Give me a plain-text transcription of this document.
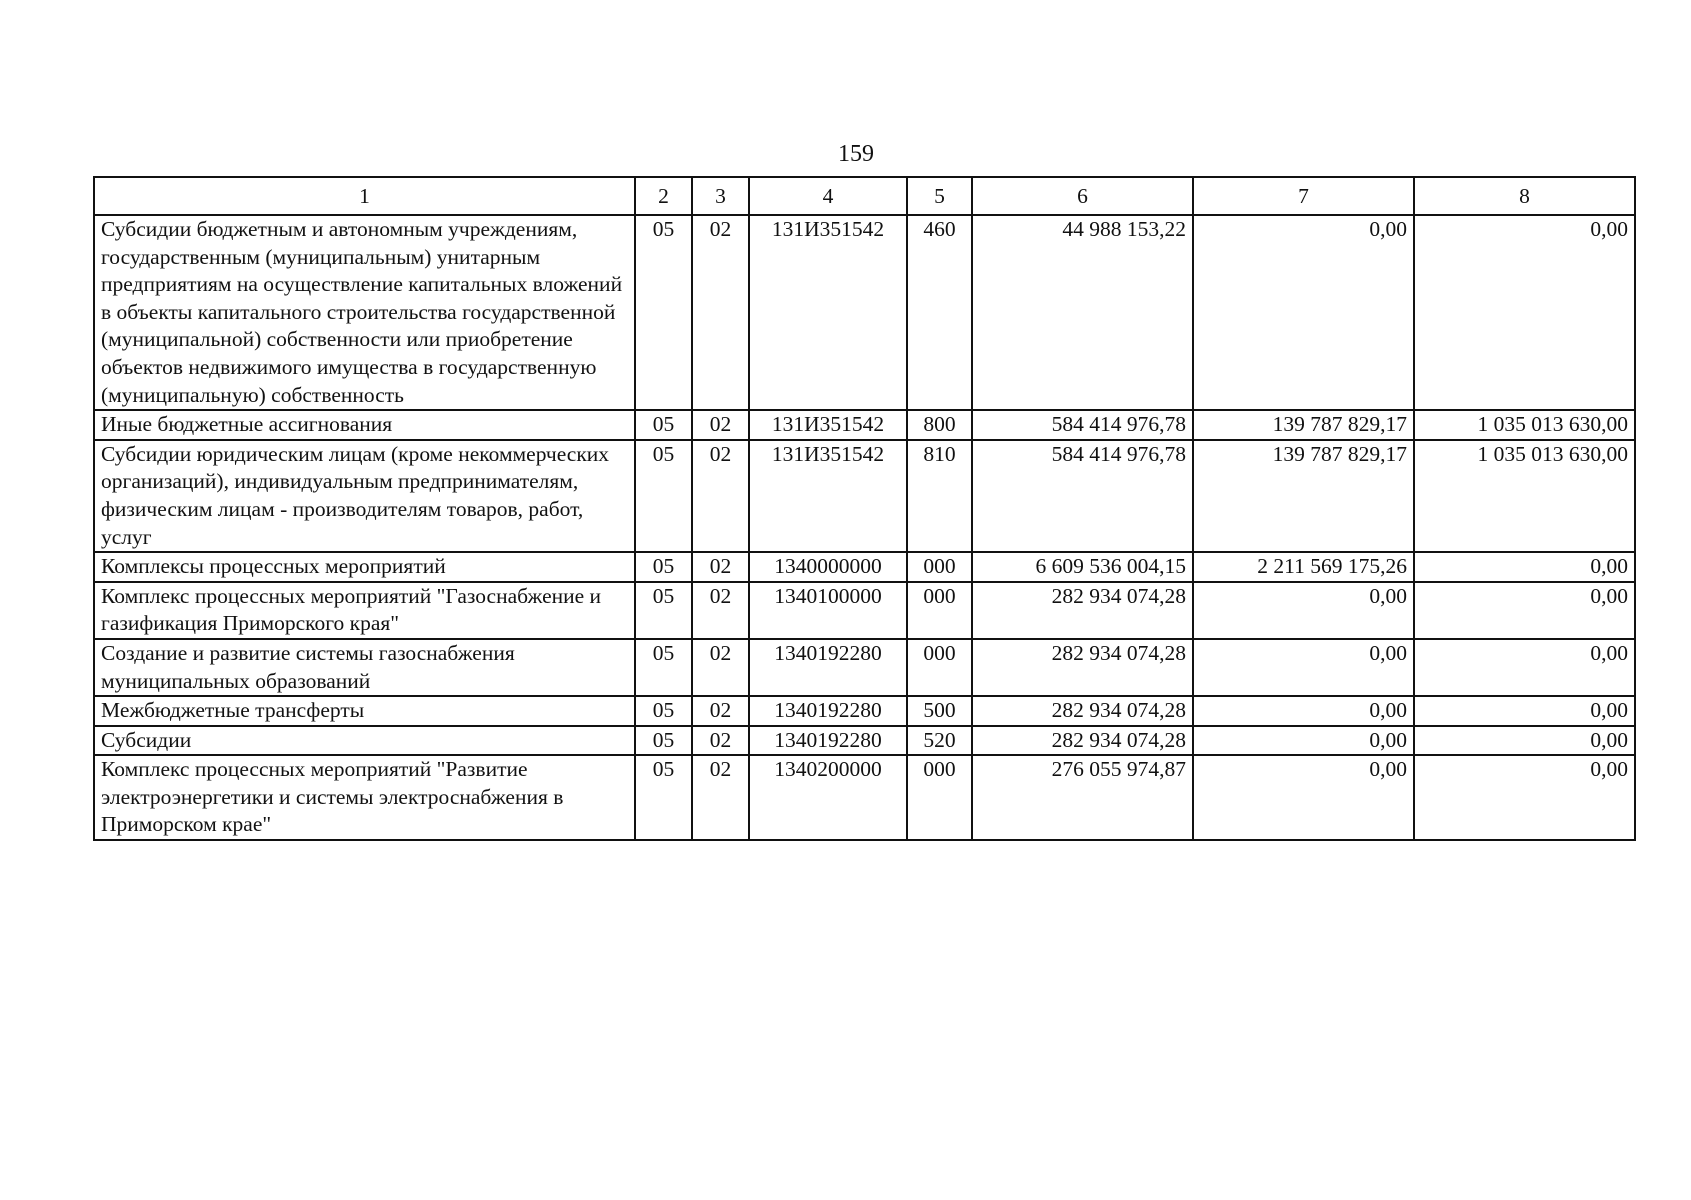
159
1	2	3	4	5	6	7	8
Субсидии бюджетным и автономным учреждениям, государственным (муниципальным) унитарным предприятиям на осуществление капитальных вложений в объекты капитального строительства государственной (муниципальной) собственности или приобретение объектов недвижимого имущества в государственную (муниципальную) собственность	05	02	131И351542	460	44 988 153,22	0,00	0,00
Иные бюджетные ассигнования	05	02	131И351542	800	584 414 976,78	139 787 829,17	1 035 013 630,00
Субсидии юридическим лицам (кроме некоммерческих организаций), индивидуальным предпринимателям, физическим лицам - производителям товаров, работ, услуг	05	02	131И351542	810	584 414 976,78	139 787 829,17	1 035 013 630,00
Комплексы процессных мероприятий	05	02	1340000000	000	6 609 536 004,15	2 211 569 175,26	0,00
Комплекс процессных мероприятий "Газоснабжение и газификация Приморского края"	05	02	1340100000	000	282 934 074,28	0,00	0,00
Создание и развитие системы газоснабжения муниципальных образований	05	02	1340192280	000	282 934 074,28	0,00	0,00
Межбюджетные трансферты	05	02	1340192280	500	282 934 074,28	0,00	0,00
Субсидии	05	02	1340192280	520	282 934 074,28	0,00	0,00
Комплекс процессных мероприятий "Развитие электроэнергетики и системы электроснабжения в Приморском крае"	05	02	1340200000	000	276 055 974,87	0,00	0,00
